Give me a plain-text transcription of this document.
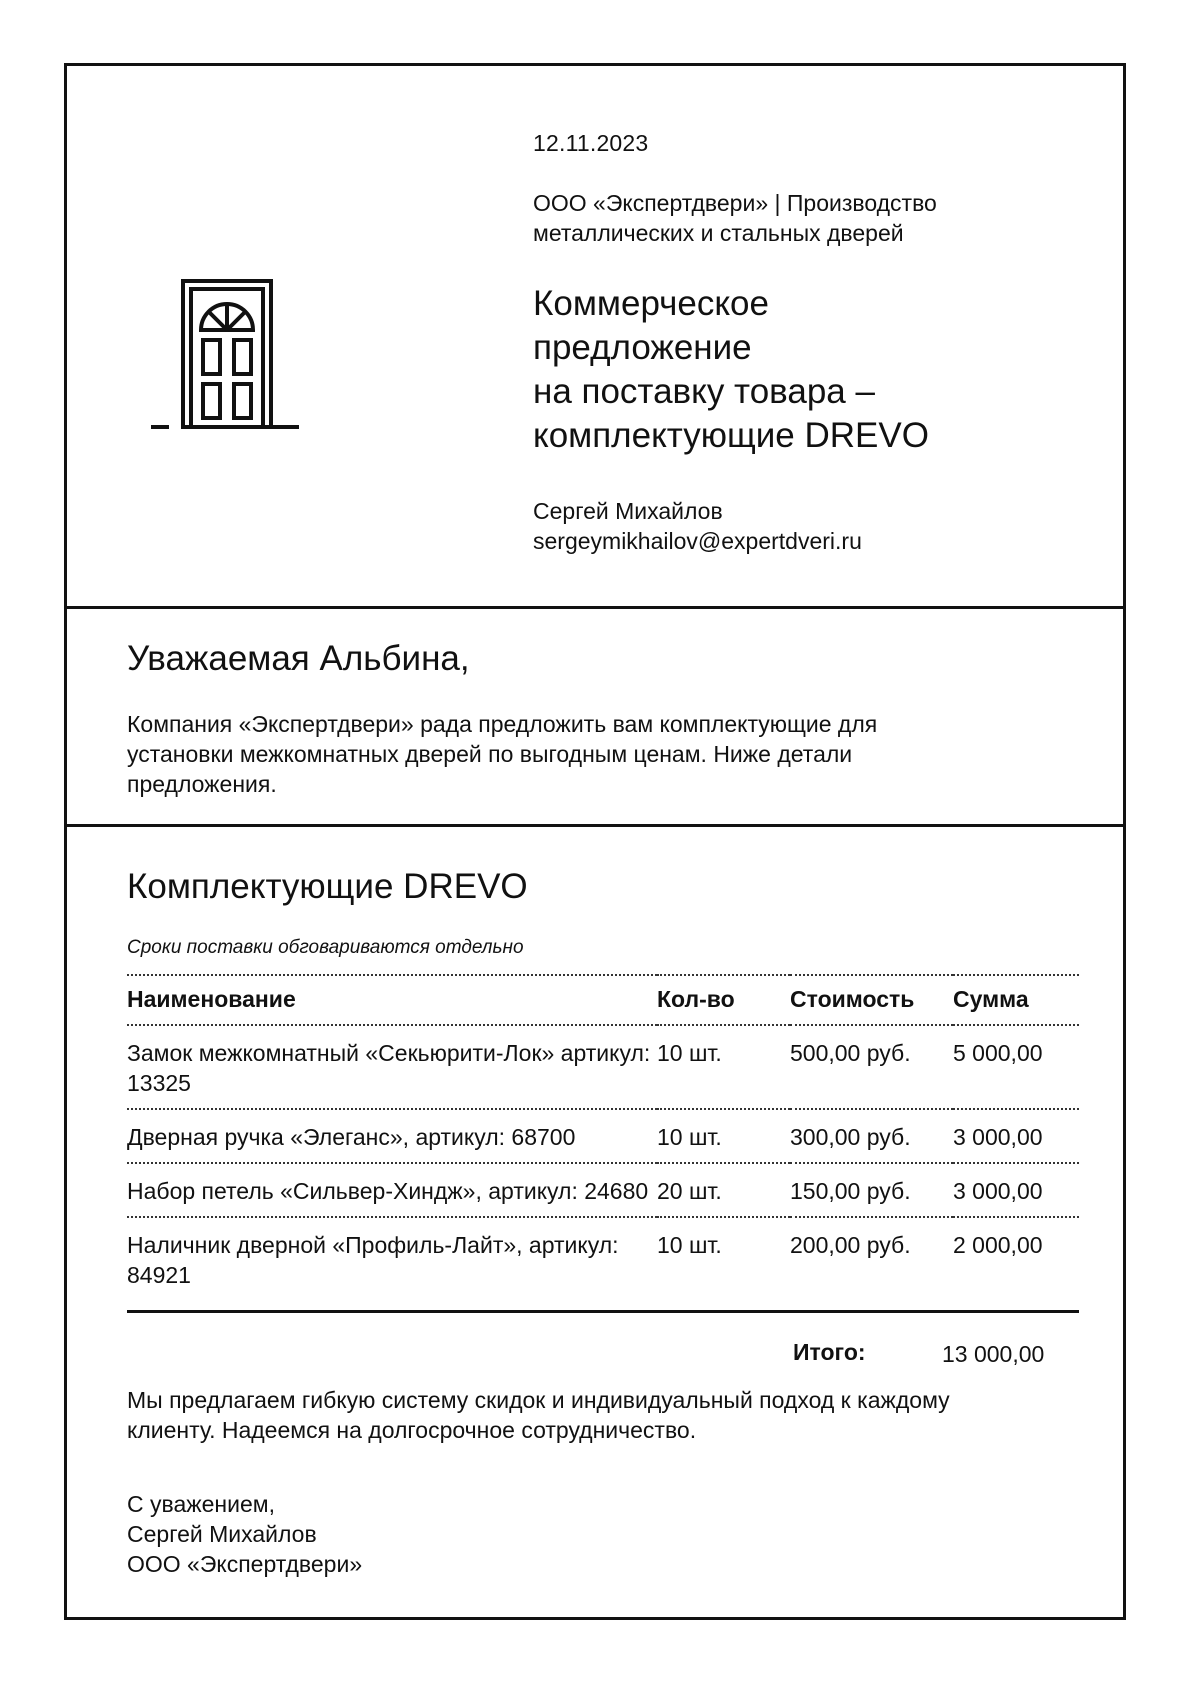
12.11.2023
ООО «Экспертдвери» | Производство
металлических и стальных дверей
Коммерческое
предложение
на поставку товара –
комплектующие DREVO
Сергей Михайлов
sergeymikhailov@expertdveri.ru
Уважаемая Альбина,
Компания «Экспертдвери» рада предложить вам комплектующие для установки межкомнатных дверей по выгодным ценам. Ниже детали предложения.
Комплектующие DREVO
Сроки поставки обговариваются отдельно
Наименование	Кол-во	Стоимость	Сумма
Замок межкомнатный «Секьюрити-Лок» артикул: 13325	10 шт.	500,00 руб.	5 000,00
Дверная ручка «Элеганс», артикул: 68700	10 шт.	300,00 руб.	3 000,00
Набор петель «Сильвер-Хиндж», артикул: 24680	20 шт.	150,00 руб.	3 000,00
Наличник дверной «Профиль-Лайт», артикул: 84921	10 шт.	200,00 руб.	2 000,00
Итого:	13 000,00
Мы предлагаем гибкую систему скидок и индивидуальный подход к каждому клиенту. Надеемся на долгосрочное сотрудничество.
С уважением,
Сергей Михайлов
ООО «Экспертдвери»
